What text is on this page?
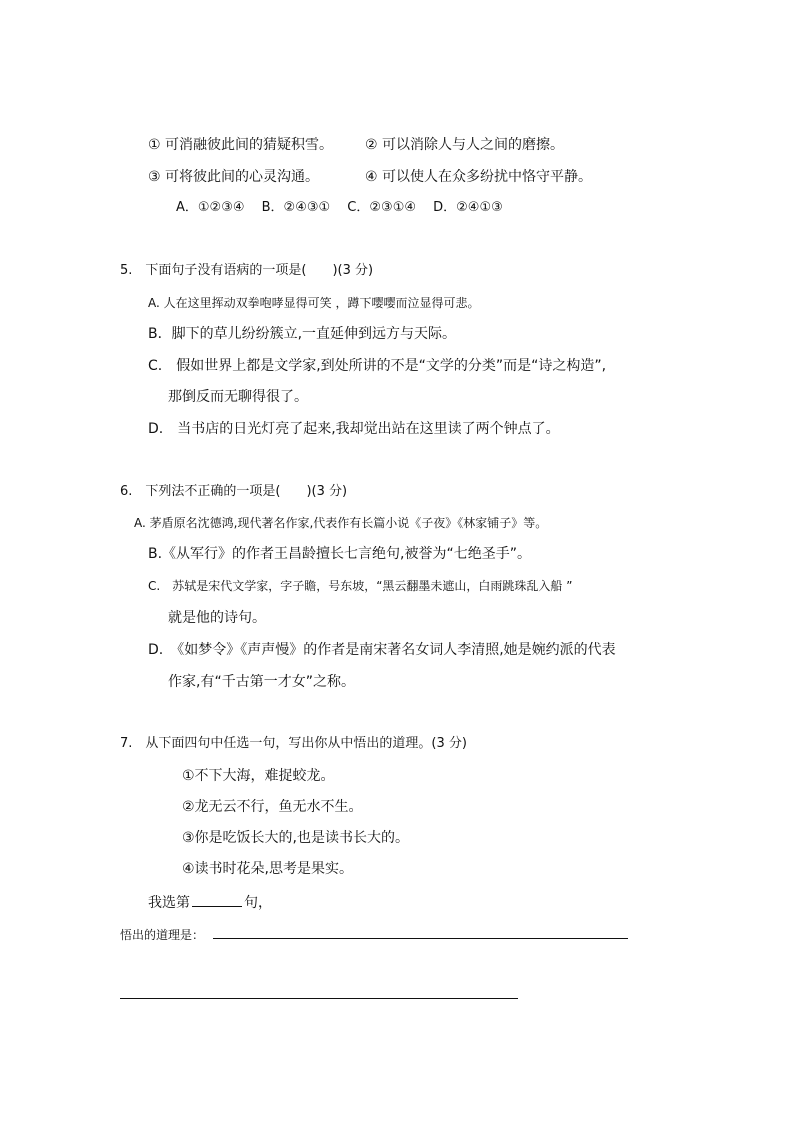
① 可消融彼此间的猜疑积雪。 ② 可以消除人与人之间的磨擦。
③ 可将彼此间的心灵沟通。	④ 可以使人在众多纷扰中恪守平静。
A．①②③④　 B．②④③①　 C．②③①④　 D．②④①③
5.　下面句子没有语病的一项是(　　)(3 分)
A. 人在这里挥动双拳咆哮显得可笑 ，蹲下嘤嘤而泣显得可悲。
B．脚下的草儿纷纷簇立,一直延伸到远方与天际。
C.　假如世界上都是文学家,到处所讲的不是“文学的分类”而是“诗之构造”,
那倒反而无聊得很了。
D.　当书店的日光灯亮了起来,我却觉出站在这里读了两个钟点了。
6.　下列法不正确的一项是(　　)(3 分)
A. 茅盾原名沈德鸿,现代著名作家,代表作有长篇小说《子夜》《林家铺子》等。
B.《从军行》的作者王昌龄擅长七言绝句,被誉为“七绝圣手”。
C.　苏轼是宋代文学家，字子瞻，号东坡，“黑云翻墨未遮山，白雨跳珠乱入船 ”
就是他的诗句。
D.　《如梦令》《声声慢》的作者是南宋著名女词人李清照,她是婉约派的代表
作家,有“千古第一才女”之称。
7.　从下面四句中任选一句，写出你从中悟出的道理。(3 分)
①不下大海，难捉蛟龙。
②龙无云不行，鱼无水不生。
③你是吃饭长大的,也是读书长大的。
④读书时花朵,思考是果实。
我选第	句，
悟出的道理是：
